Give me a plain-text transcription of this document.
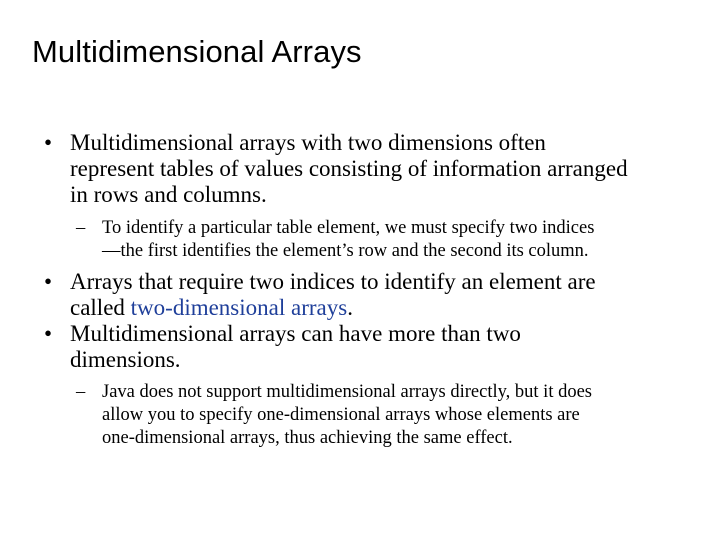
Multidimensional Arrays

• Multidimensional arrays with two dimensions often
represent tables of values consisting of information arranged
in rows and columns.

– To identify a particular table element, we must specify two indices
—the first identifies the element’s row and the second its column.

• Arrays that require two indices to identify an element are
called two-dimensional arrays.

• Multidimensional arrays can have more than two
dimensions.

– Java does not support multidimensional arrays directly, but it does
allow you to specify one-dimensional arrays whose elements are
one-dimensional arrays, thus achieving the same effect.
